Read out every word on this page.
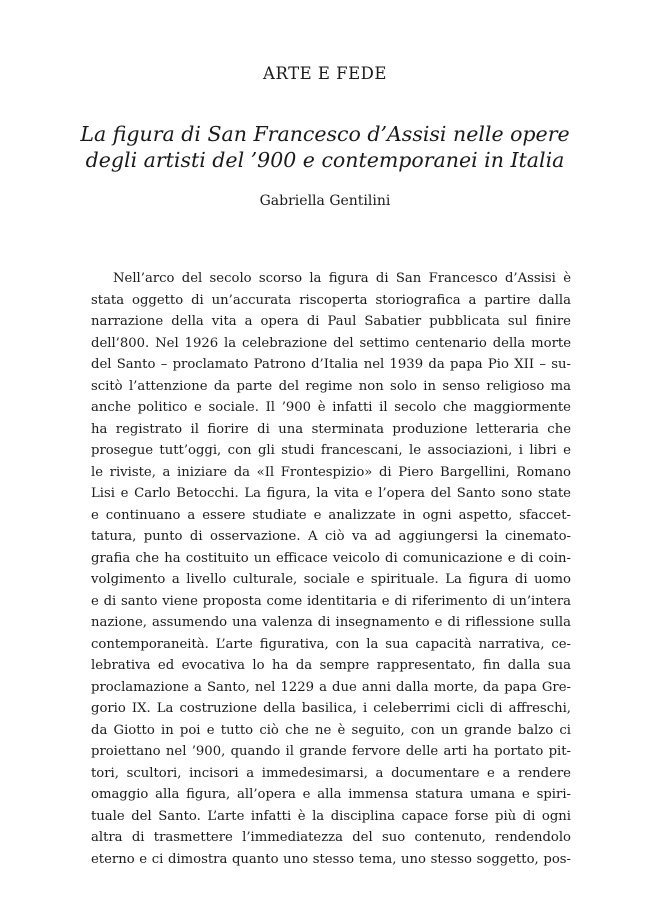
ARTE E FEDE
La figura di San Francesco d’Assisi nelle opere
degli artisti del ’900 e contemporanei in Italia
Gabriella Gentilini
Nell’arco del secolo scorso la figura di San Francesco d’Assisi è
stata oggetto di un’accurata riscoperta storiografica a partire dalla
narrazione della vita a opera di Paul Sabatier pubblicata sul finire
dell’800. Nel 1926 la celebrazione del settimo centenario della morte
del Santo – proclamato Patrono d’Italia nel 1939 da papa Pio XII – su-
scitò l’attenzione da parte del regime non solo in senso religioso ma
anche politico e sociale. Il ’900 è infatti il secolo che maggiormente
ha registrato il fiorire di una sterminata produzione letteraria che
prosegue tutt’oggi, con gli studi francescani, le associazioni, i libri e
le riviste, a iniziare da «Il Frontespizio» di Piero Bargellini, Romano
Lisi e Carlo Betocchi. La figura, la vita e l’opera del Santo sono state
e continuano a essere studiate e analizzate in ogni aspetto, sfaccet-
tatura, punto di osservazione. A ciò va ad aggiungersi la cinemato-
grafia che ha costituito un efficace veicolo di comunicazione e di coin-
volgimento a livello culturale, sociale e spirituale. La figura di uomo
e di santo viene proposta come identitaria e di riferimento di un’intera
nazione, assumendo una valenza di insegnamento e di riflessione sulla
contemporaneità. L’arte figurativa, con la sua capacità narrativa, ce-
lebrativa ed evocativa lo ha da sempre rappresentato, fin dalla sua
proclamazione a Santo, nel 1229 a due anni dalla morte, da papa Gre-
gorio IX. La costruzione della basilica, i celeberrimi cicli di affreschi,
da Giotto in poi e tutto ciò che ne è seguito, con un grande balzo ci
proiettano nel ’900, quando il grande fervore delle arti ha portato pit-
tori, scultori, incisori a immedesimarsi, a documentare e a rendere
omaggio alla figura, all’opera e alla immensa statura umana e spiri-
tuale del Santo. L’arte infatti è la disciplina capace forse più di ogni
altra di trasmettere l’immediatezza del suo contenuto, rendendolo
eterno e ci dimostra quanto uno stesso tema, uno stesso soggetto, pos-
